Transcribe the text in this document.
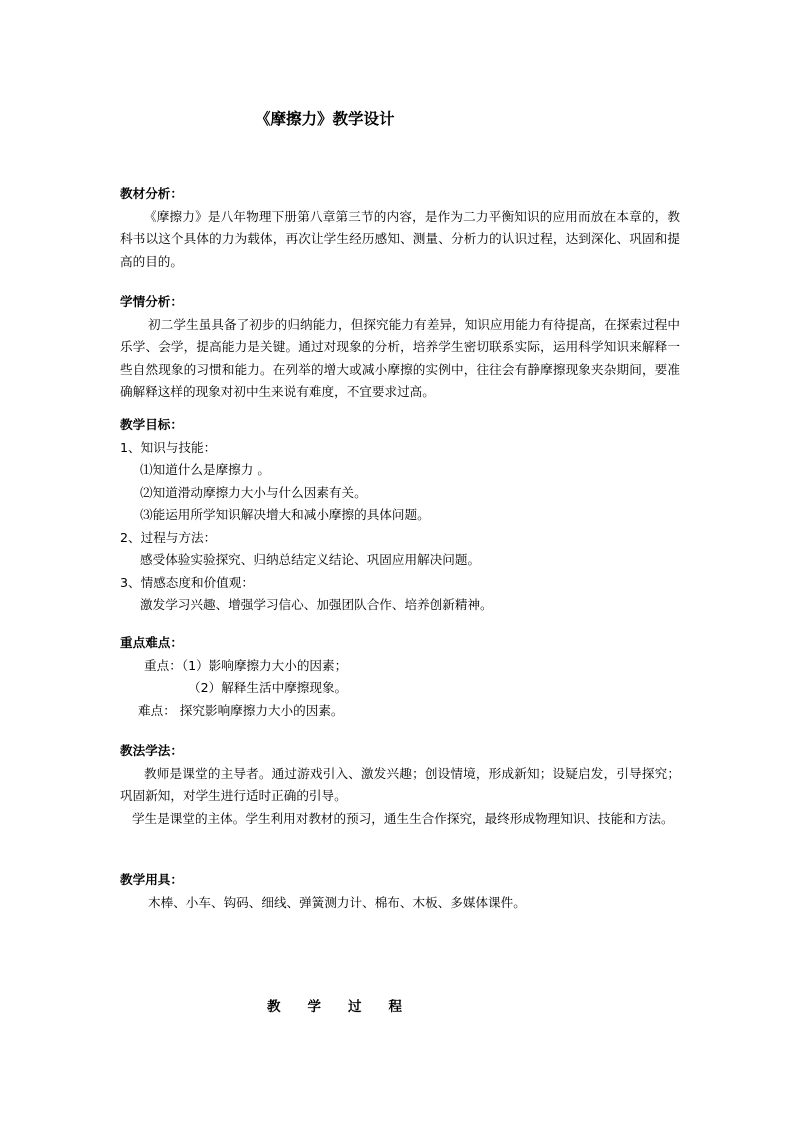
《摩擦力》教学设计
教材分析：

《摩擦力》是八年物理下册第八章第三节的内容，是作为二力平衡知识的应用而放在本章的，教科书以这个具体的力为载体，再次让学生经历感知、测量、分析力的认识过程，达到深化、巩固和提高的目的。

学情分析：

初二学生虽具备了初步的归纳能力，但探究能力有差异，知识应用能力有待提高，在探索过程中乐学、会学，提高能力是关键。通过对现象的分析，培养学生密切联系实际，运用科学知识来解释一些自然现象的习惯和能力。在列举的增大或减小摩擦的实例中，往往会有静摩擦现象夹杂期间，要准确解释这样的现象对初中生来说有难度，不宜要求过高。

教学目标：
1、知识与技能：
⑴知道什么是摩擦力 。
⑵知道滑动摩擦力大小与什么因素有关。
⑶能运用所学知识解决增大和减小摩擦的具体问题。
2、过程与方法：
感受体验实验探究、归纳总结定义结论、巩固应用解决问题。
3、情感态度和价值观：
激发学习兴趣、增强学习信心、加强团队合作、培养创新精神。
重点难点：
重点：（1）影响摩擦力大小的因素；
（2）解释生活中摩擦现象。
难点： 探究影响摩擦力大小的因素。
教法学法：

教师是课堂的主导者。通过游戏引入、激发兴趣；创设情境，形成新知；设疑启发，引导探究；巩固新知，对学生进行适时正确的引导。

学生是课堂的主体。学生利用对教材的预习，通生生合作探究，最终形成物理知识、技能和方法。

教学用具：
木棒、小车、钩码、细线、弹簧测力计、棉布、木板、多媒体课件。
教 学 过 程
